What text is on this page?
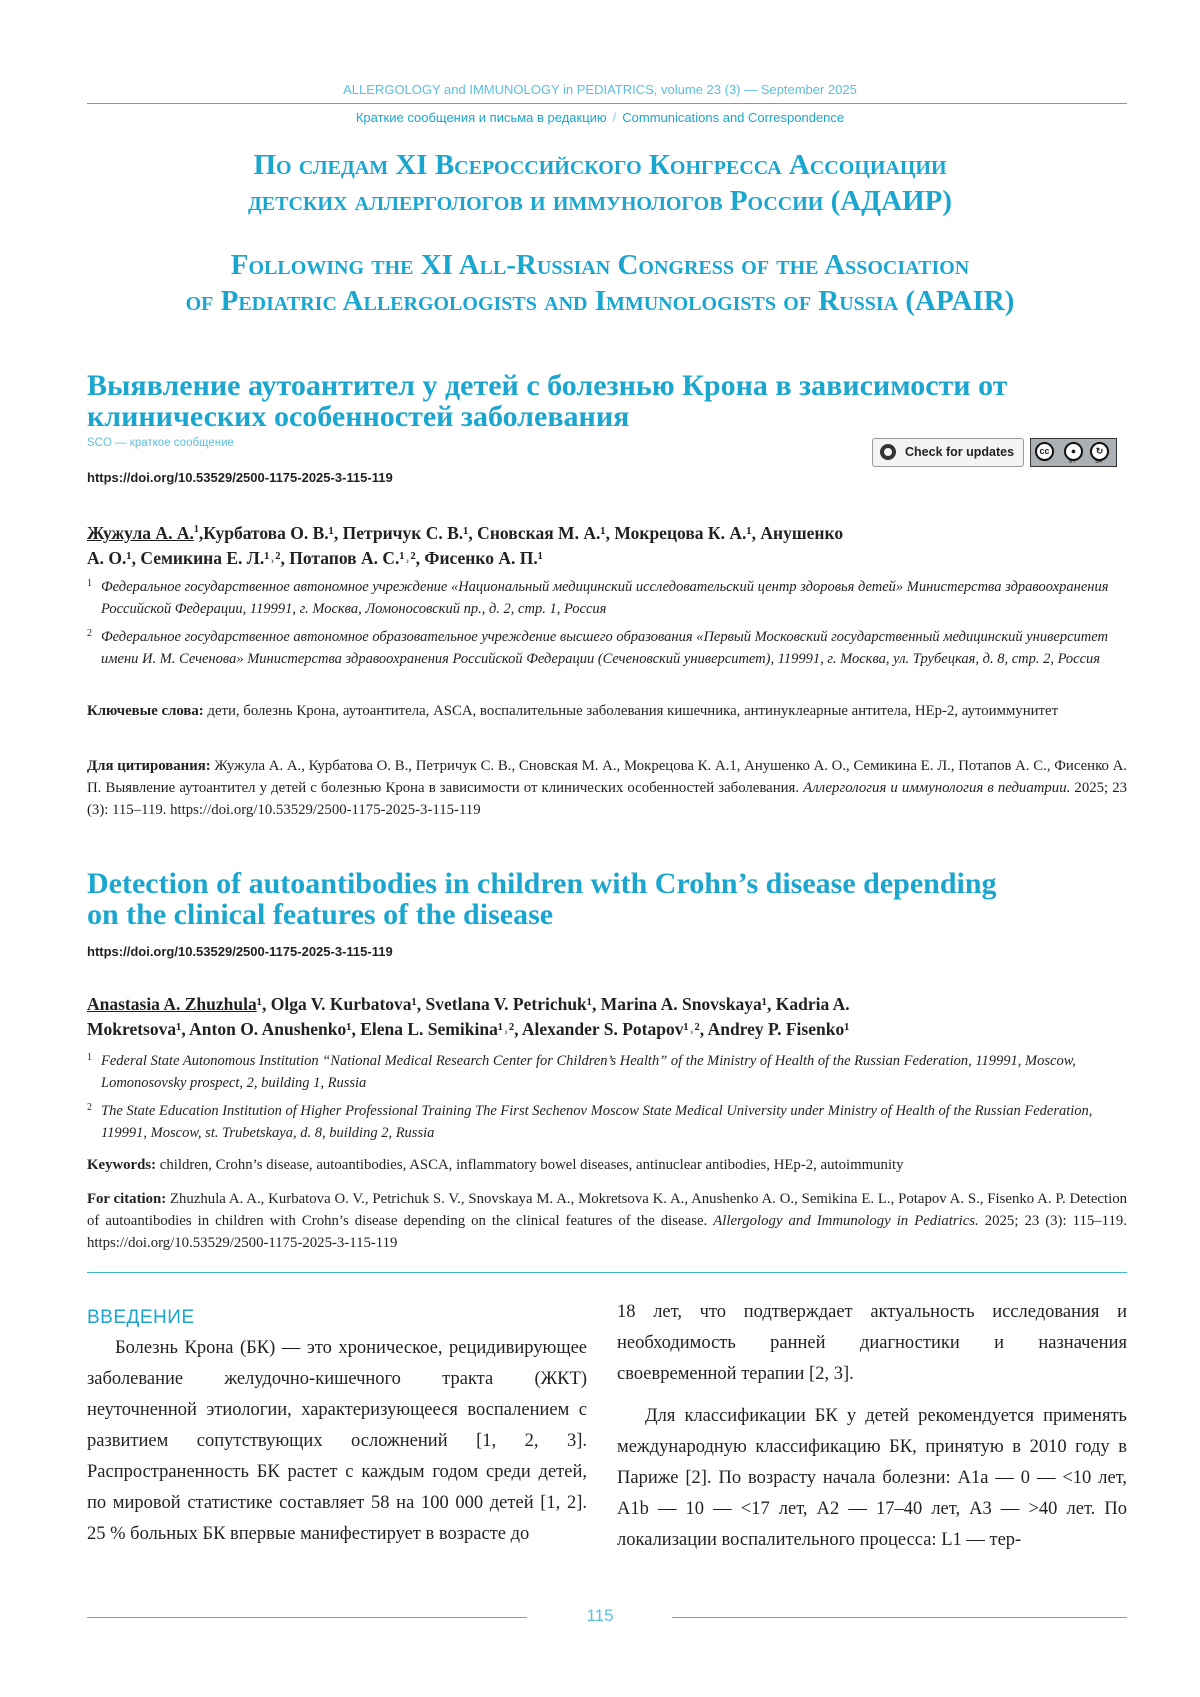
ALLERGOLOGY and IMMUNOLOGY in PEDIATRICS, volume 23 (3) — September 2025
Краткие сообщения и письма в редакцию / Communications and Correspondence
По следам XI Всероссийского Конгресса Ассоциации
детских аллергологов и иммунологов России (АДАИР)
Following the XI All-Russian Congress of the Association
of Pediatric Allergologists and Immunologists of Russia (APAIR)
Выявление аутоантител у детей с болезнью Крона в зависимости от
клинических особенностей заболевания
SCO — краткое сообщение
Check for updates	cc	●	↻
BY	SA
https://doi.org/10.53529/2500-1175-2025-3-115-119
Жужула А. А.$^1$,Курбатова О. В.¹, Петричук С. В.¹, Сновская М. А.¹, Мокрецова К. А.¹, Анушенко
А. О.¹, Семикина Е. Л.¹˒², Потапов А. С.¹˒², Фисенко А. П.¹
1 Федеральное государственное автономное учреждение «Национальный медицинский исследовательский центр здоровья детей» Министерства здравоохранения Российской Федерации, 119991, г. Москва, Ломоносовский пр., д. 2, стр. 1, Россия
2 Федеральное государственное автономное образовательное учреждение высшего образования «Первый Московский государственный медицинский университет имени И. М. Сеченова» Министерства здравоохранения Российской Федерации (Сеченовский университет), 119991, г. Москва, ул. Трубецкая, д. 8, стр. 2, Россия
Ключевые слова: дети, болезнь Крона, аутоантитела, ASCA, воспалительные заболевания кишечника, антинуклеарные антитела, HEp-2, аутоиммунитет
Для цитирования: Жужула А. А., Курбатова О. В., Петричук С. В., Сновская М. А., Мокрецова К. А.1, Анушенко А. О., Семикина Е. Л., Потапов А. С., Фисенко А. П. Выявление аутоантител у детей с болезнью Крона в зависимости от клинических особенностей заболевания. Аллергология и иммунология в педиатрии. 2025; 23 (3): 115–119. https://doi.org/10.53529/2500-1175-2025-3-115-119
Detection of autoantibodies in children with Crohn’s disease depending
on the clinical features of the disease
https://doi.org/10.53529/2500-1175-2025-3-115-119
Anastasia A. Zhuzhula¹, Olga V. Kurbatova¹, Svetlana V. Petrichuk¹, Marina A. Snovskaya¹, Kadria A.
Mokretsova¹, Anton O. Anushenko¹, Elena L. Semikina¹˒², Alexander S. Potapov¹˒², Andrey P. Fisenko¹
1 Federal State Autonomous Institution “National Medical Research Center for Children’s Health” of the Ministry of Health of the Russian Federation, 119991, Moscow, Lomonosovsky prospect, 2, building 1, Russia
2 The State Education Institution of Higher Professional Training The First Sechenov Moscow State Medical University under Ministry of Health of the Russian Federation, 119991, Moscow, st. Trubetskaya, d. 8, building 2, Russia
Keywords: children, Crohn’s disease, autoantibodies, ASCA, inflammatory bowel diseases, antinuclear antibodies, HEp-2, autoimmunity
For citation: Zhuzhula A. A., Kurbatova O. V., Petrichuk S. V., Snovskaya M. A., Mokretsova K. A., Anushenko A. O., Semikina E. L., Potapov A. S., Fisenko A. P. Detection of autoantibodies in children with Crohn’s disease depending on the clinical features of the disease. Allergology and Immunology in Pediatrics. 2025; 23 (3): 115–119. https://doi.org/10.53529/2500-1175-2025-3-115-119
ВВЕДЕНИЕ

Болезнь Крона (БК) — это хроническое, рецидивирующее заболевание желудочно-кишечного тракта (ЖКТ) неуточненной этиологии, характеризующееся воспалением с развитием сопутствующих осложнений [1, 2, 3]. Распространенность БК растет с каждым годом среди детей, по мировой статистике составляет 58 на 100 000 детей [1, 2]. 25 % больных БК впервые манифестирует в возрасте до

18 лет, что подтверждает актуальность исследования и необходимость ранней диагностики и назначения своевременной терапии [2, 3].

Для классификации БК у детей рекомендуется применять международную классификацию БК, принятую в 2010 году в Париже [2]. По возрасту начала болезни: A1a — 0 — <10 лет, A1b — 10 — <17 лет, A2 — 17–40 лет, A3 — >40 лет. По локализации воспалительного процесса: L1 — тер-

115
